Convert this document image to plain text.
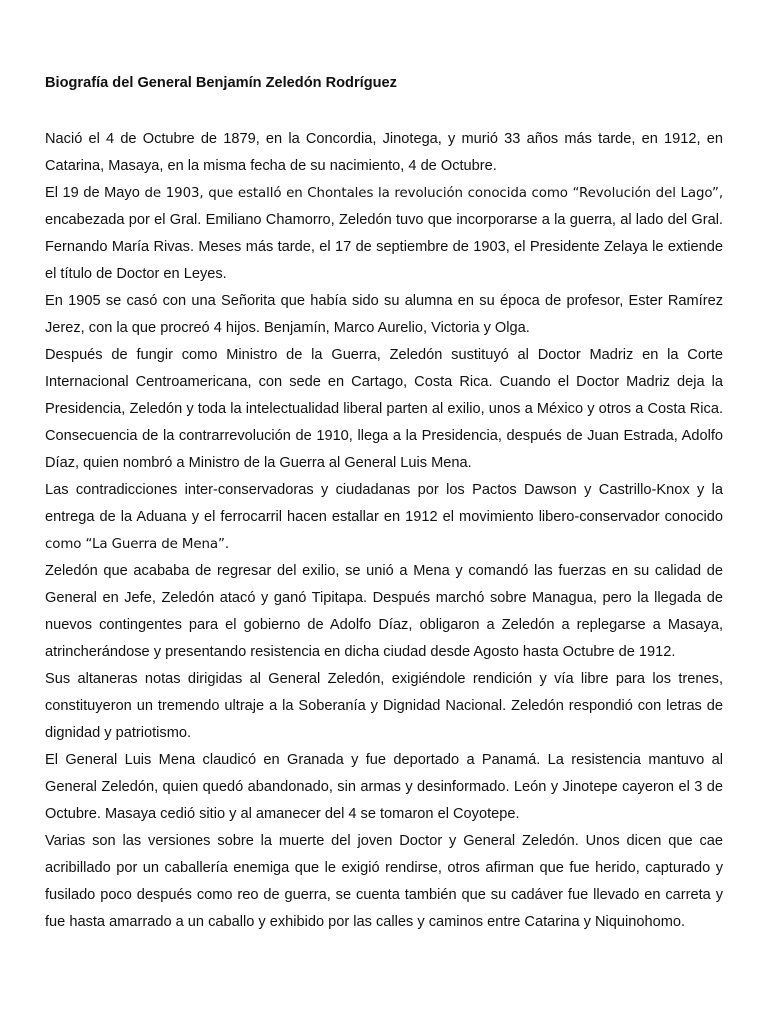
Biografía del General Benjamín Zeledón Rodríguez

Nació el 4 de Octubre de 1879, en la Concordia, Jinotega, y murió 33 años más tarde, en 1912, en Catarina, Masaya, en la misma fecha de su nacimiento, 4 de Octubre.

El 19 de Mayo de 1903, que estalló en Chontales la revolución conocida como “Revolución del Lago”, encabezada por el Gral. Emiliano Chamorro, Zeledón tuvo que incorporarse a la guerra, al lado del Gral. Fernando María Rivas. Meses más tarde, el 17 de septiembre de 1903, el Presidente Zelaya le extiende el título de Doctor en Leyes.

En 1905 se casó con una Señorita que había sido su alumna en su época de profesor, Ester Ramírez Jerez, con la que procreó 4 hijos. Benjamín, Marco Aurelio, Victoria y Olga.

Después de fungir como Ministro de la Guerra, Zeledón sustituyó al Doctor Madriz en la Corte Internacional Centroamericana, con sede en Cartago, Costa Rica. Cuando el Doctor Madriz deja la Presidencia, Zeledón y toda la intelectualidad liberal parten al exilio, unos a México y otros a Costa Rica. Consecuencia de la contrarrevolución de 1910, llega a la Presidencia, después de Juan Estrada, Adolfo Díaz, quien nombró a Ministro de la Guerra al General Luis Mena.

Las contradicciones inter-conservadoras y ciudadanas por los Pactos Dawson y Castrillo-Knox y la entrega de la Aduana y el ferrocarril hacen estallar en 1912 el movimiento libero-conservador conocido como “La Guerra de Mena”.

Zeledón que acababa de regresar del exilio, se unió a Mena y comandó las fuerzas en su calidad de General en Jefe, Zeledón atacó y ganó Tipitapa. Después marchó sobre Managua, pero la llegada de nuevos contingentes para el gobierno de Adolfo Díaz, obligaron a Zeledón a replegarse a Masaya, atrincherándose y presentando resistencia en dicha ciudad desde Agosto hasta Octubre de 1912.

Sus altaneras notas dirigidas al General Zeledón, exigiéndole rendición y vía libre para los trenes, constituyeron un tremendo ultraje a la Soberanía y Dignidad Nacional. Zeledón respondió con letras de dignidad y patriotismo.

El General Luis Mena claudicó en Granada y fue deportado a Panamá. La resistencia mantuvo al General Zeledón, quien quedó abandonado, sin armas y desinformado. León y Jinotepe cayeron el 3 de Octubre. Masaya cedió sitio y al amanecer del 4 se tomaron el Coyotepe.

Varias son las versiones sobre la muerte del joven Doctor y General Zeledón. Unos dicen que cae acribillado por un caballería enemiga que le exigió rendirse, otros afirman que fue herido, capturado y fusilado poco después como reo de guerra, se cuenta también que su cadáver fue llevado en carreta y fue hasta amarrado a un caballo y exhibido por las calles y caminos entre Catarina y Niquinohomo.
